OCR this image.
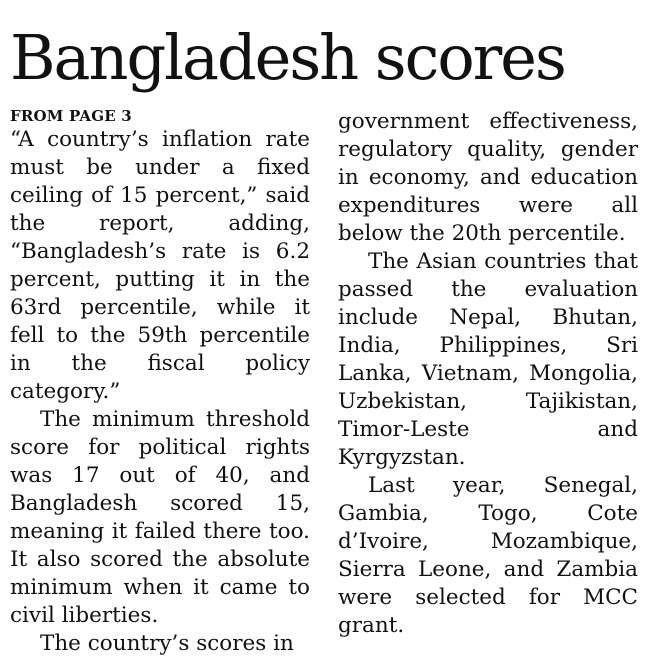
Bangladesh scores

FROM PAGE 3

“A country’s inflation rate must be under a fixed ceiling of 15 percent,” said the report, adding, “Bangladesh’s rate is 6.2 percent, putting it in the 63rd percentile, while it fell to the 59th percentile in the fiscal policy category.”

The minimum threshold score for political rights was 17 out of 40, and Bangladesh scored 15, meaning it failed there too. It also scored the absolute minimum when it came to civil liberties.

The country’s scores in

government effectiveness, regulatory quality, gender in economy, and education expenditures were all below the 20th percentile.

The Asian countries that passed the evaluation include Nepal, Bhutan, India, Philippines, Sri Lanka, Vietnam, Mongolia, Uzbekistan, Tajikistan, Timor-Leste and Kyrgyzstan.

Last year, Senegal, Gambia, Togo, Cote d’Ivoire, Mozambique, Sierra Leone, and Zambia were selected for MCC grant.
